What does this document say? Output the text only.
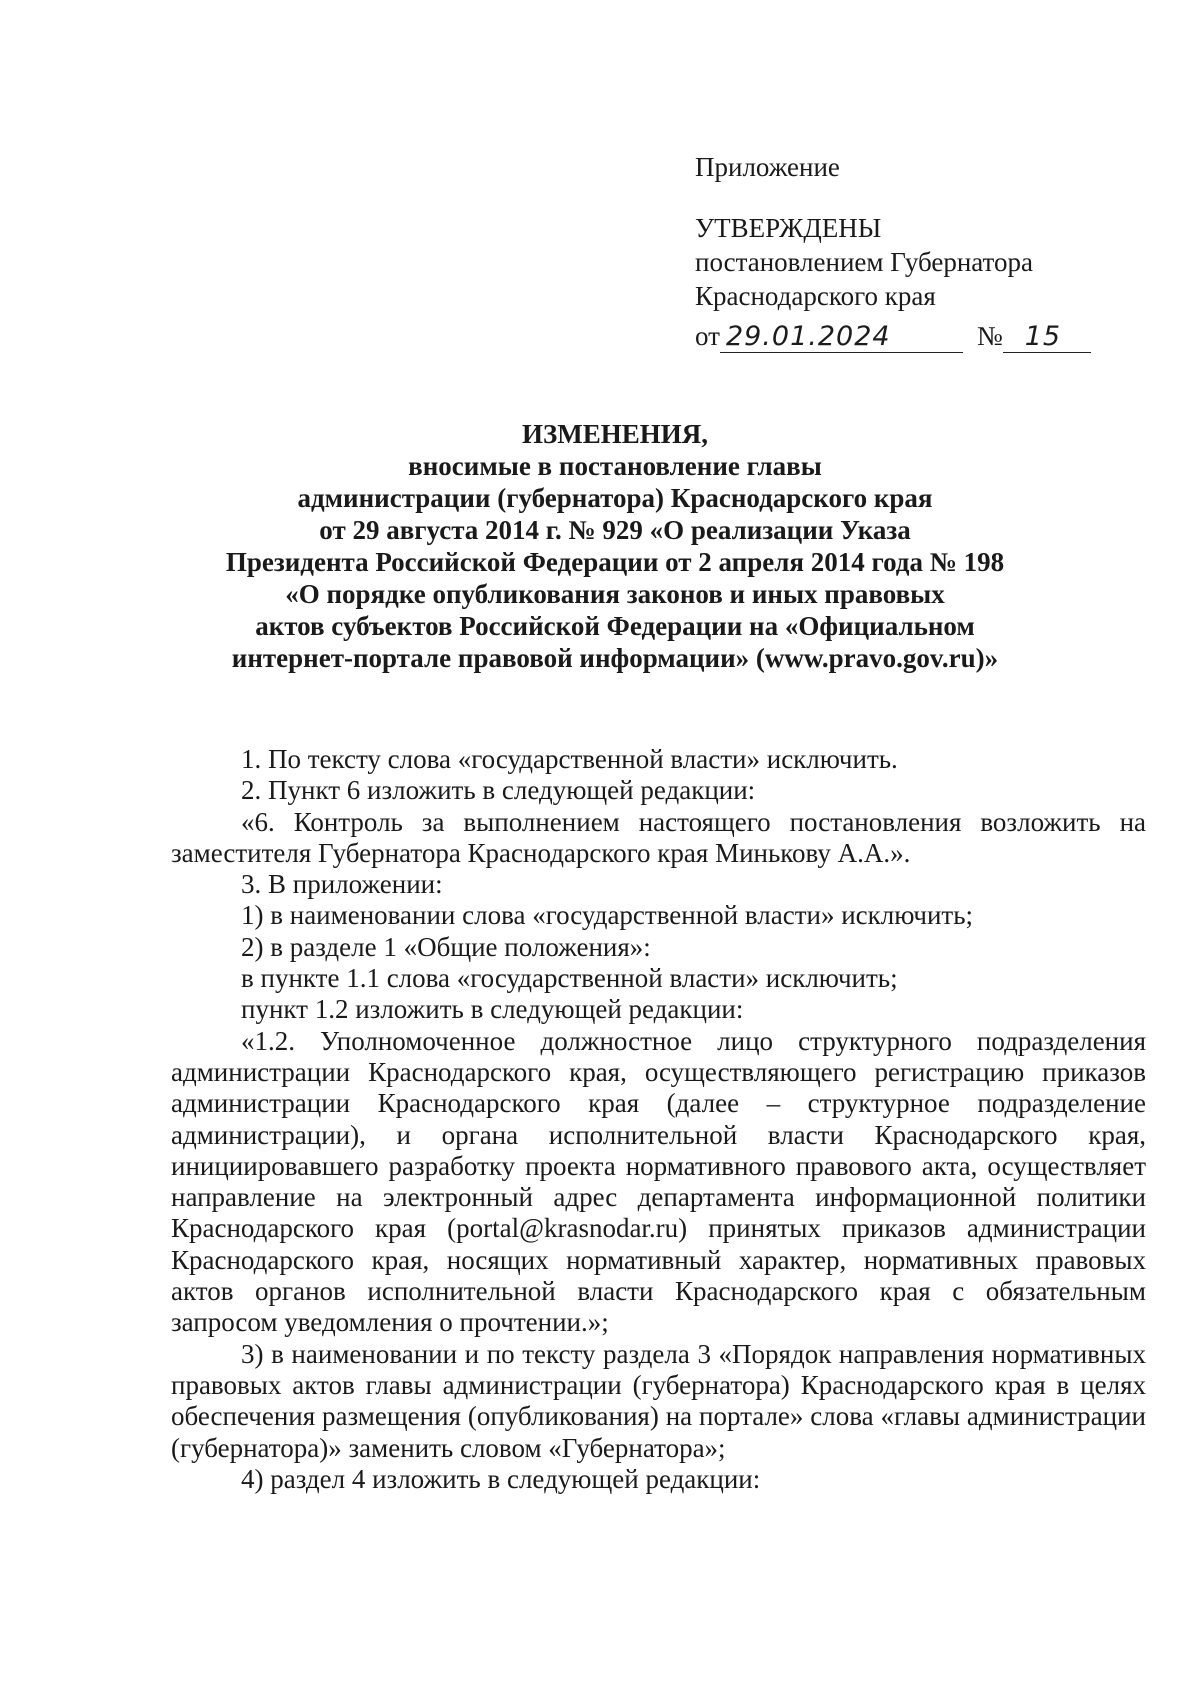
Приложение
УТВЕРЖДЕНЫ
постановлением Губернатора
Краснодарского края
от 29.01.2024	№ 15
ИЗМЕНЕНИЯ,
вносимые в постановление главы
администрации (губернатора) Краснодарского края
от 29 августа 2014 г. № 929 «О реализации Указа
Президента Российской Федерации от 2 апреля 2014 года № 198
«О порядке опубликования законов и иных правовых
актов субъектов Российской Федерации на «Официальном
интернет-портале правовой информации» (www.pravo.gov.ru)»

1. По тексту слова «государственной власти» исключить.

2. Пункт 6 изложить в следующей редакции:

«6. Контроль за выполнением настоящего постановления возложить на заместителя Губернатора Краснодарского края Минькову А.А.».

3. В приложении:

1) в наименовании слова «государственной власти» исключить;

2) в разделе 1 «Общие положения»:

в пункте 1.1 слова «государственной власти» исключить;

пункт 1.2 изложить в следующей редакции:

«1.2. Уполномоченное должностное лицо структурного подразделения администрации Краснодарского края, осуществляющего регистрацию приказов администрации Краснодарского края (далее – структурное подразделение администрации), и органа исполнительной власти Краснодарского края, инициировавшего разработку проекта нормативного правового акта, осуществляет направление на электронный адрес департамента информационной политики Краснодарского края (portal@krasnodar.ru) принятых приказов администрации Краснодарского края, носящих нормативный характер, нормативных правовых актов органов исполнительной власти Краснодарского края с обязательным запросом уведомления о прочтении.»;

3) в наименовании и по тексту раздела 3 «Порядок направления нормативных правовых актов главы администрации (губернатора) Краснодарского края в целях обеспечения размещения (опубликования) на портале» слова «главы администрации (губернатора)» заменить словом «Губернатора»;

4) раздел 4 изложить в следующей редакции:
